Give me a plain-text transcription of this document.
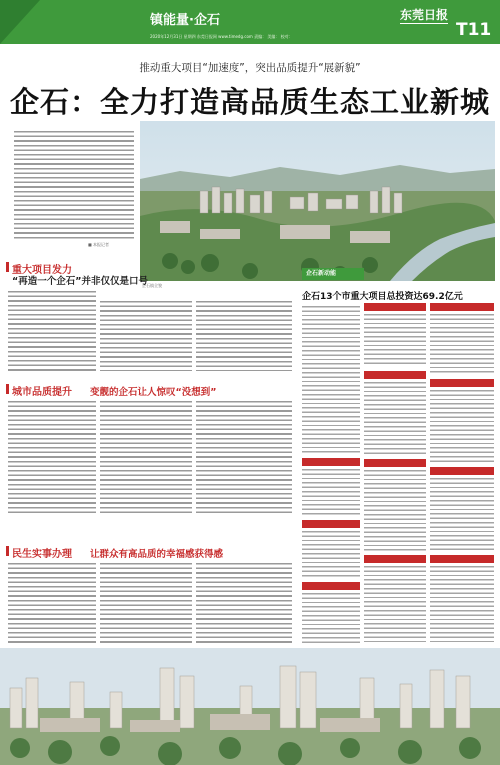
镇能量·企石	东莞日报
T11
2020年12月31日 星期四 东莞日报网 www.timedg.com 责编： 美编： 校对：
推动重大项目“加速度”，突出品质提升“展新貌”
企石：全力打造高品质生态工业新城
■ 本报记者
企石镇全貌
重大项目发力
“再造一个企石”并非仅仅是口号
城市品质提升 变靓的企石让人惊叹“没想到”
民生实事办理 让群众有高品质的幸福感获得感
企石新动能
企石13个市重大项目总投资达69.2亿元
